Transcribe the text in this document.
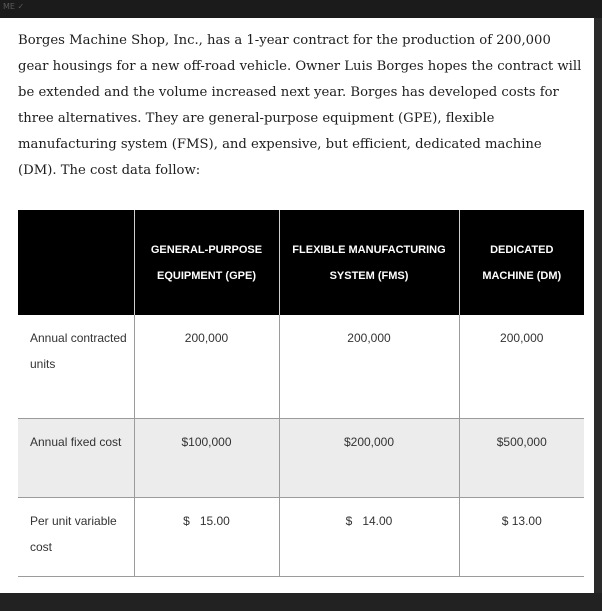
ME ✓

Borges Machine Shop, Inc., has a 1-year contract for the production of 200,000 gear housings for a new off-road vehicle. Owner Luis Borges hopes the contract will be extended and the volume increased next year. Borges has developed costs for three alternatives. They are general-purpose equipment (GPE), flexible manufacturing system (FMS), and expensive, but efficient, dedicated machine (DM). The cost data follow:

	GENERAL-PURPOSE EQUIPMENT (GPE)	FLEXIBLE MANUFACTURING SYSTEM (FMS)	DEDICATED MACHINE (DM)
Annual contracted units	200,000	200,000	200,000
Annual fixed cost	$100,000	$200,000	$500,000
Per unit variable cost	$   15.00	$   14.00	$ 13.00
